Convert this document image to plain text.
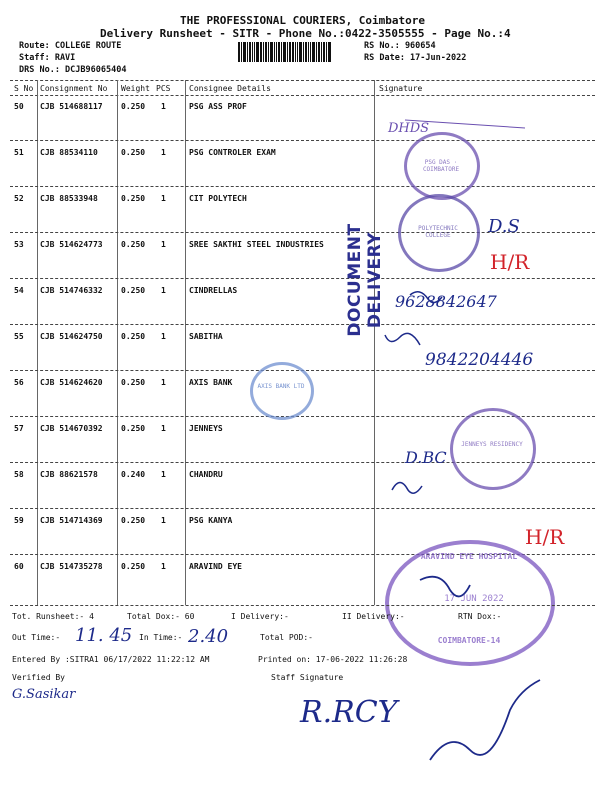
THE PROFESSIONAL COURIERS, Coimbatore
Delivery Runsheet - SITR - Phone No.:0422-3505555 - Page No.:4
Route: COLLEGE ROUTE
Staff: RAVI
DRS No.: DCJB96065404
RS No.: 960654
RS Date: 17-Jun-2022
S No Consignment No Weight PCS Consignee Details	Signature
50 CJB 514688117 0.250 1	PSG ASS PROF
51 CJB 88534110	0.250 1	PSG CONTROLER EXAM
52 CJB 88533948	0.250 1	CIT POLYTECH
53 CJB 514624773 0.250 1	SREE SAKTHI STEEL INDUSTRIES
54 CJB 514746332 0.250 1	CINDRELLAS
55 CJB 514624750 0.250 1	SABITHA
56 CJB 514624620 0.250 1	AXIS BANK
57 CJB 514670392 0.250 1	JENNEYS
58 CJB 88621578	0.240 1	CHANDRU
59 CJB 514714369 0.250 1	PSG KANYA
60 CJB 514735278 0.250 1	ARAVIND EYE
DOCUMENT DELIVERY
PSG DAS · COIMBATORE
POLYTECHNIC COLLEGE
AXIS BANK LTD
JENNEYS RESIDENCY
ARAVIND EYE HOSPITAL
17 JUN 2022
COIMBATORE-14
DHDS
D.S
H/R
9628842647
9842204446
D.BC
H/R
Tot. Runsheet:- 4	Total Dox:- 60	I Delivery:-	II Delivery:-	RTN Dox:-
Out Time:- 11. 45 In Time:- 2.40	Total POD:-
Entered By :SITRA1 06/17/2022 11:22:12 AM	Printed on: 17-06-2022 11:26:28
Verified By	Staff Signature
G.Sasikar
R.RCY
